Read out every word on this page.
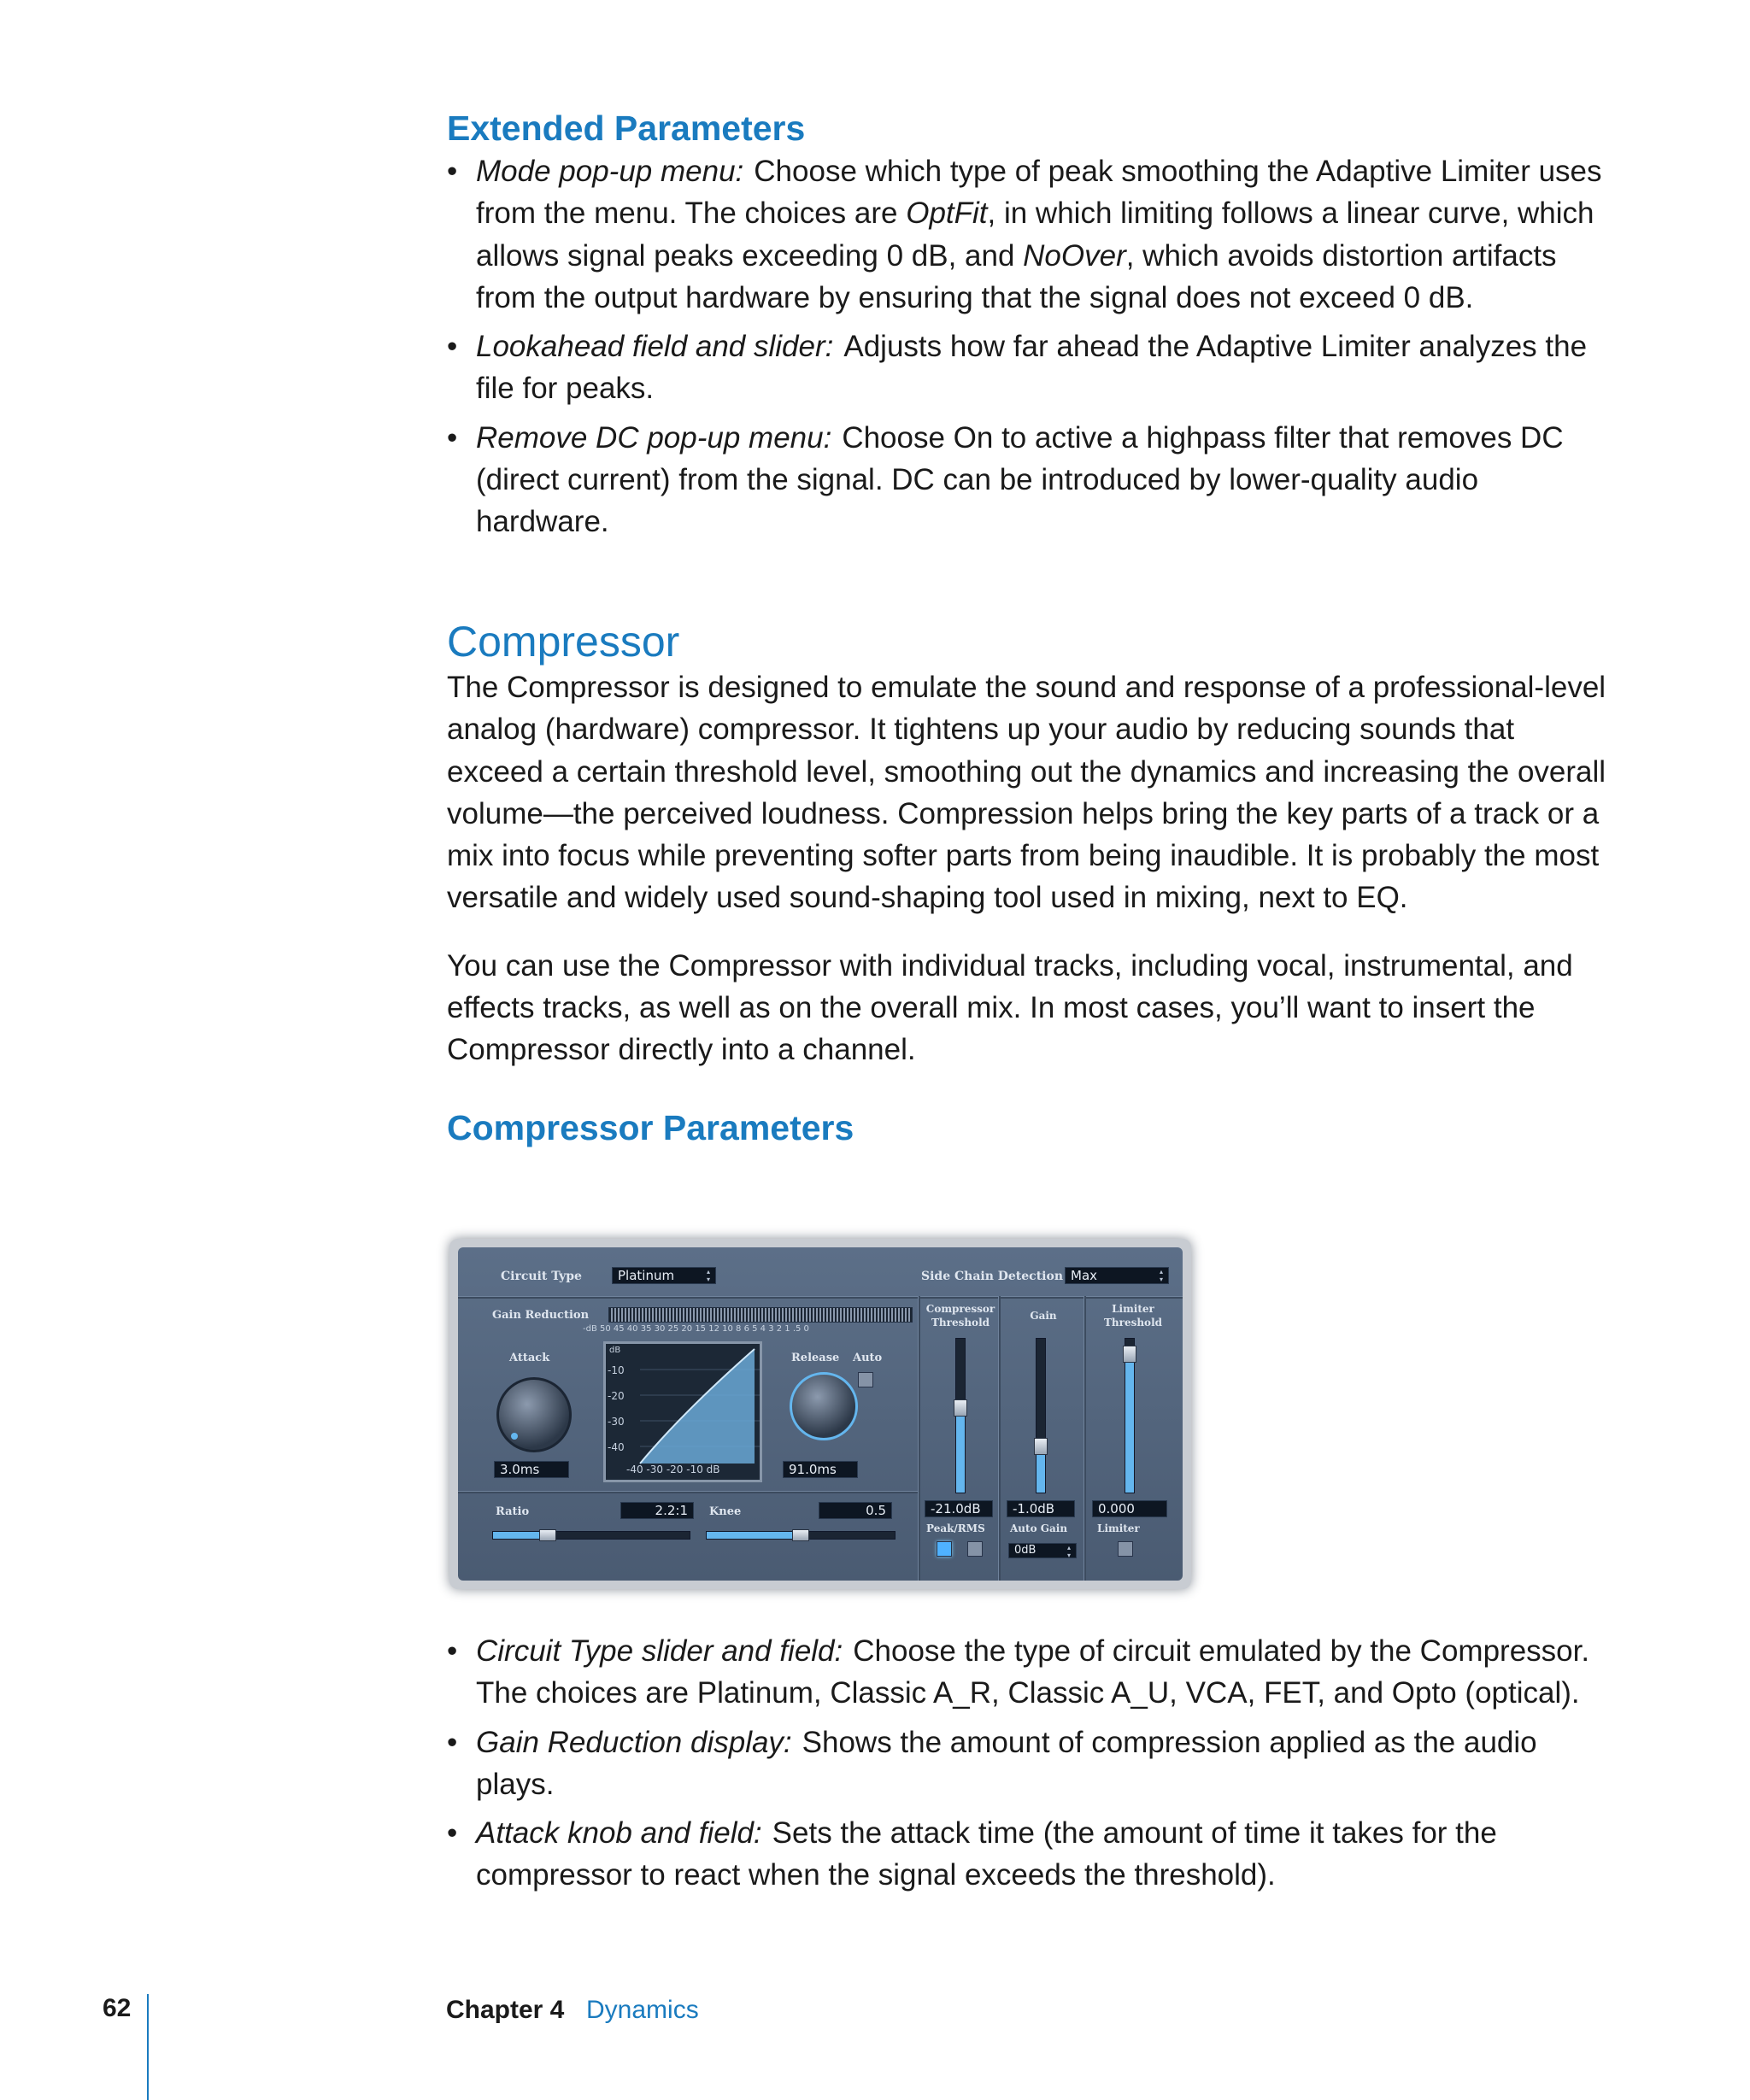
Extended Parameters
• Mode pop-up menu: Choose which type of peak smoothing the Adaptive Limiter uses from the menu. The choices are OptFit, in which limiting follows a linear curve, which allows signal peaks exceeding 0 dB, and NoOver, which avoids distortion artifacts from the output hardware by ensuring that the signal does not exceed 0 dB.
• Lookahead field and slider: Adjusts how far ahead the Adaptive Limiter analyzes the file for peaks.
• Remove DC pop-up menu: Choose On to active a highpass filter that removes DC (direct current) from the signal. DC can be introduced by lower-quality audio hardware.
Compressor

The Compressor is designed to emulate the sound and response of a professional-level analog (hardware) compressor. It tightens up your audio by reducing sounds that exceed a certain threshold level, smoothing out the dynamics and increasing the overall volume—the perceived loudness. Compression helps bring the key parts of a track or a mix into focus while preventing softer parts from being inaudible. It is probably the most versatile and widely used sound-shaping tool used in mixing, next to EQ.

You can use the Compressor with individual tracks, including vocal, instrumental, and effects tracks, as well as on the overall mix. In most cases, you’ll want to insert the Compressor directly into a channel.

Compressor Parameters
Circuit Type	Platinum ▴▾	Side Chain Detection Max ▴▾
Gain Reduction
-dB 50 45 40 35 30 25 20 15 12 10 8 6 5 4 3 2 1 .5 0
Attack
3.0ms
dB
-10
-20
-30
-40
-40 -30 -20 -10 dB
Release Auto
91.0ms
Ratio	2.2:1	Knee	0.5
Compressor Threshold
-21.0dB
Gain
-1.0dB
Limiter Threshold
0.000
Peak/RMS Auto Gain
0dB ▴▾
Limiter
• Circuit Type slider and field: Choose the type of circuit emulated by the Compressor. The choices are Platinum, Classic A_R, Classic A_U, VCA, FET, and Opto (optical).
• Gain Reduction display: Shows the amount of compression applied as the audio plays.
• Attack knob and field: Sets the attack time (the amount of time it takes for the compressor to react when the signal exceeds the threshold).
62	Chapter 4 Dynamics
